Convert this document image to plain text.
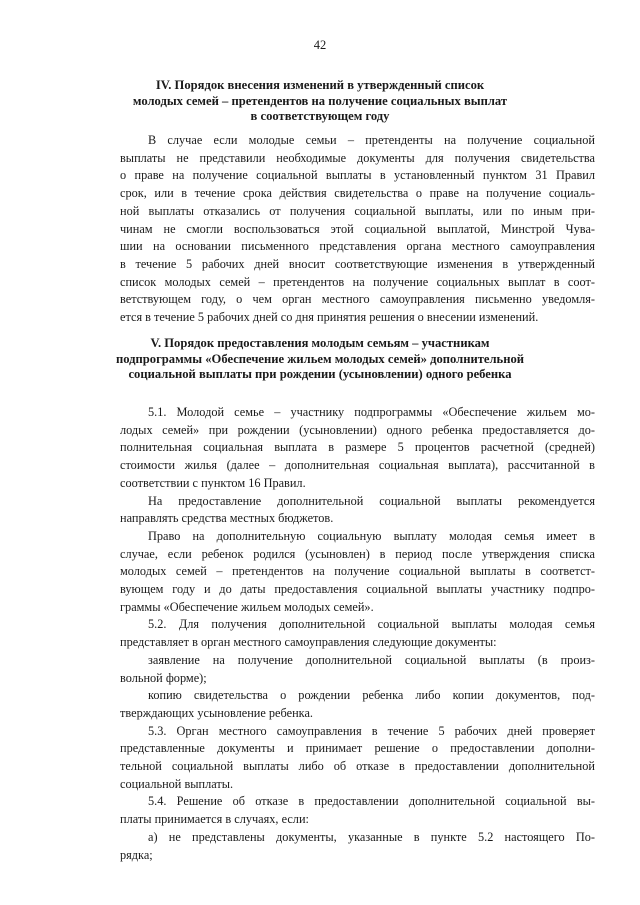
42
IV. Порядок внесения изменений в утвержденный список
молодых семей – претендентов на получение социальных выплат
в соответствующем году
В случае если молодые семьи – претенденты на получение социальной
выплаты не представили необходимые документы для получения свидетельства
о праве на получение социальной выплаты в установленный пунктом 31 Правил
срок, или в течение срока действия свидетельства о праве на получение социаль-
ной выплаты отказались от получения социальной выплаты, или по иным при-
чинам не смогли воспользоваться этой социальной выплатой, Минстрой Чува-
шии на основании письменного представления органа местного самоуправления
в течение 5 рабочих дней вносит соответствующие изменения в утвержденный
список молодых семей – претендентов на получение социальных выплат в соот-
ветствующем году, о чем орган местного самоуправления письменно уведомля-
ется в течение 5 рабочих дней со дня принятия решения о внесении изменений.
V. Порядок предоставления молодым семьям – участникам
подпрограммы «Обеспечение жильем молодых семей» дополнительной
социальной выплаты при рождении (усыновлении) одного ребенка
5.1. Молодой семье – участнику подпрограммы «Обеспечение жильем мо-
лодых семей» при рождении (усыновлении) одного ребенка предоставляется до-
полнительная социальная выплата в размере 5 процентов расчетной (средней)
стоимости жилья (далее – дополнительная социальная выплата), рассчитанной в
соответствии с пунктом 16 Правил.
На предоставление дополнительной социальной выплаты рекомендуется
направлять средства местных бюджетов.
Право на дополнительную социальную выплату молодая семья имеет в
случае, если ребенок родился (усыновлен) в период после утверждения списка
молодых семей – претендентов на получение социальной выплаты в соответст-
вующем году и до даты предоставления социальной выплаты участнику подпро-
граммы «Обеспечение жильем молодых семей».
5.2. Для получения дополнительной социальной выплаты молодая семья
представляет в орган местного самоуправления следующие документы:
заявление на получение дополнительной социальной выплаты (в произ-
вольной форме);
копию свидетельства о рождении ребенка либо копии документов, под-
тверждающих усыновление ребенка.
5.3. Орган местного самоуправления в течение 5 рабочих дней проверяет
представленные документы и принимает решение о предоставлении дополни-
тельной социальной выплаты либо об отказе в предоставлении дополнительной
социальной выплаты.
5.4. Решение об отказе в предоставлении дополнительной социальной вы-
платы принимается в случаях, если:
а) не представлены документы, указанные в пункте 5.2 настоящего По-
рядка;
